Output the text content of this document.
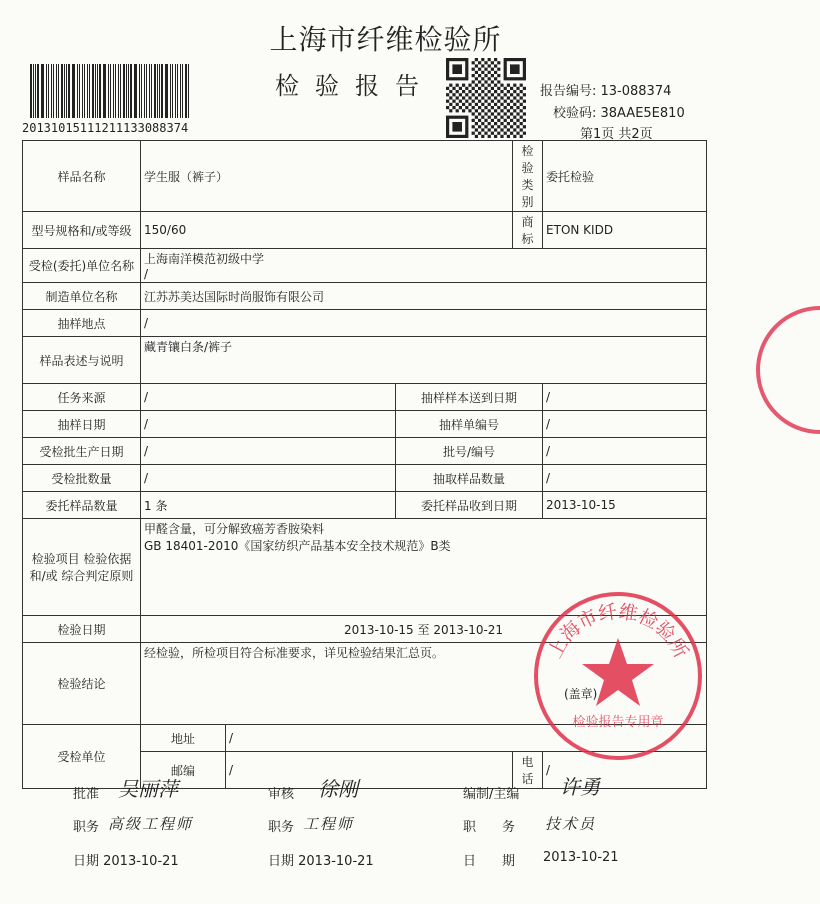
上海市纤维检验所
检验报告
20131015111211133088374
报告编号: 13-088374
校验码: 38AAE5E810
第1页 共2页
样品名称	学生服（裤子）			检验类别	委托检验
型号规格和/或等级	150/60			商　　标	ETON KIDD
受检(委托)单位名称	上海南洋模范初级中学
/				

制造单位名称	江苏苏美达国际时尚服饰有限公司				
抽样地点	/				
样品表述与说明	藏青镶白条/裤子				
任务来源	/		抽样样本送到日期		/
抽样日期	/		抽样单编号		/
受检批生产日期	/		批号/编号		/
受检批数量	/		抽取样品数量		/
委托样品数量	1 条		委托样品收到日期		2013-10-15
检验项目 检验依据 和/或 综合判定原则	甲醛含量，可分解致癌芳香胺染料
GB 18401-2010《国家纺织产品基本安全技术规范》B类				

检验日期	2013-10-15 至 2013-10-21				
检验结论	经检验，所检项目符合标准要求，详见检验结果汇总页。
(盖章)				

受检单位	地址	/			
	邮编	/		电话	/
批准 吴丽萍
职务 高级工程师
日期 2013-10-21
审核 徐刚
职务 工程师
日期 2013-10-21
编制/主编 许勇
职　　务 技术员
日　　期 2013-10-21
上海市纤维检验所
检验报告专用章
